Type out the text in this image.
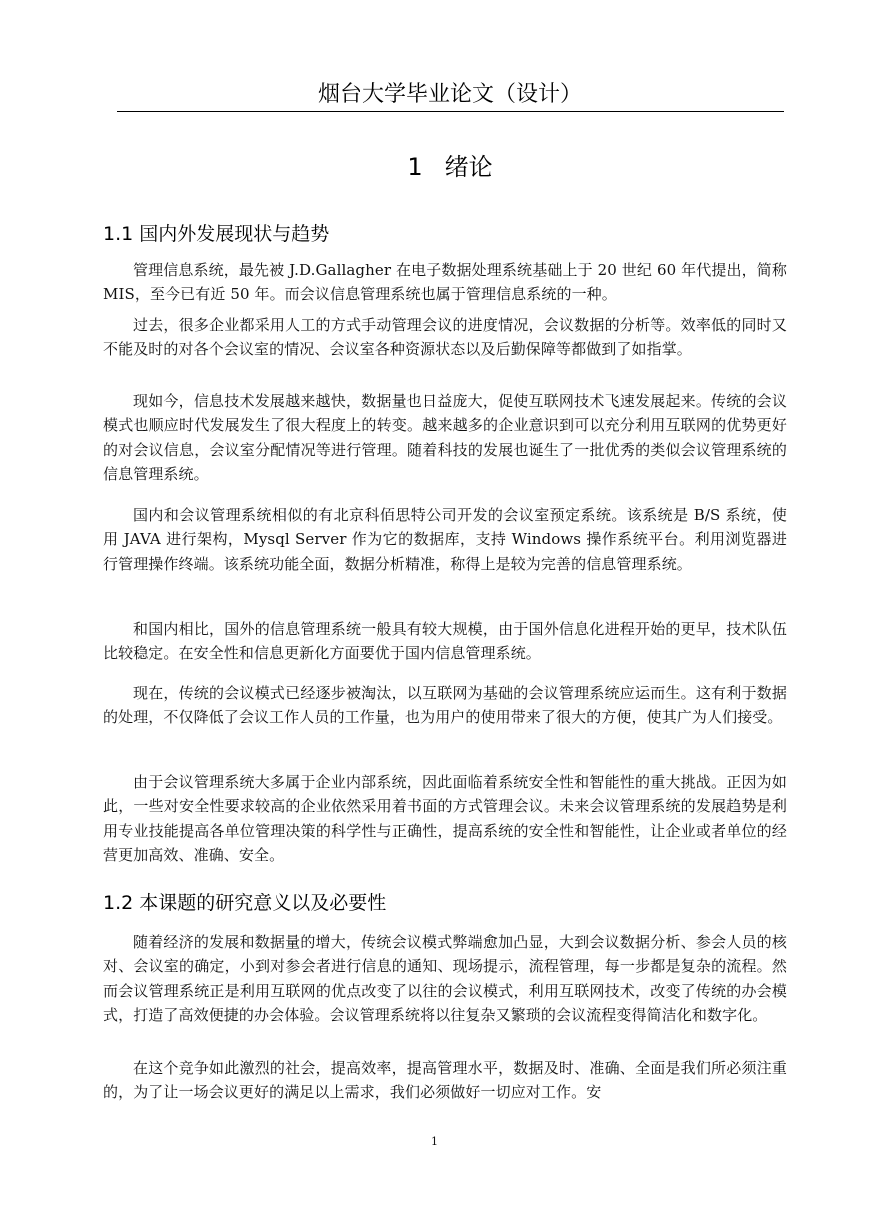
烟台大学毕业论文（设计）
1 绪论
1.1 国内外发展现状与趋势

管理信息系统，最先被 J.D.Gallagher 在电子数据处理系统基础上于 20 世纪 60 年代提出，简称 MIS，至今已有近 50 年。而会议信息管理系统也属于管理信息系统的一种。

过去，很多企业都采用人工的方式手动管理会议的进度情况，会议数据的分析等。效率低的同时又不能及时的对各个会议室的情况、会议室各种资源状态以及后勤保障等都做到了如指掌。

现如今，信息技术发展越来越快，数据量也日益庞大，促使互联网技术飞速发展起来。传统的会议模式也顺应时代发展发生了很大程度上的转变。越来越多的企业意识到可以充分利用互联网的优势更好的对会议信息，会议室分配情况等进行管理。随着科技的发展也诞生了一批优秀的类似会议管理系统的信息管理系统。

国内和会议管理系统相似的有北京科佰思特公司开发的会议室预定系统。该系统是 B/S 系统，使用 JAVA 进行架构，Mysql Server 作为它的数据库，支持 Windows 操作系统平台。利用浏览器进行管理操作终端。该系统功能全面，数据分析精准，称得上是较为完善的信息管理系统。

和国内相比，国外的信息管理系统一般具有较大规模，由于国外信息化进程开始的更早，技术队伍比较稳定。在安全性和信息更新化方面要优于国内信息管理系统。

现在，传统的会议模式已经逐步被淘汰，以互联网为基础的会议管理系统应运而生。这有利于数据的处理，不仅降低了会议工作人员的工作量，也为用户的使用带来了很大的方便，使其广为人们接受。

由于会议管理系统大多属于企业内部系统，因此面临着系统安全性和智能性的重大挑战。正因为如此，一些对安全性要求较高的企业依然采用着书面的方式管理会议。未来会议管理系统的发展趋势是利用专业技能提高各单位管理决策的科学性与正确性，提高系统的安全性和智能性，让企业或者单位的经营更加高效、准确、安全。

1.2 本课题的研究意义以及必要性

随着经济的发展和数据量的增大，传统会议模式弊端愈加凸显，大到会议数据分析、参会人员的核对、会议室的确定，小到对参会者进行信息的通知、现场提示，流程管理，每一步都是复杂的流程。然而会议管理系统正是利用互联网的优点改变了以往的会议模式，利用互联网技术，改变了传统的办会模式，打造了高效便捷的办会体验。会议管理系统将以往复杂又繁琐的会议流程变得简洁化和数字化。

在这个竞争如此激烈的社会，提高效率，提高管理水平，数据及时、准确、全面是我们所必须注重的，为了让一场会议更好的满足以上需求，我们必须做好一切应对工作。安

1
